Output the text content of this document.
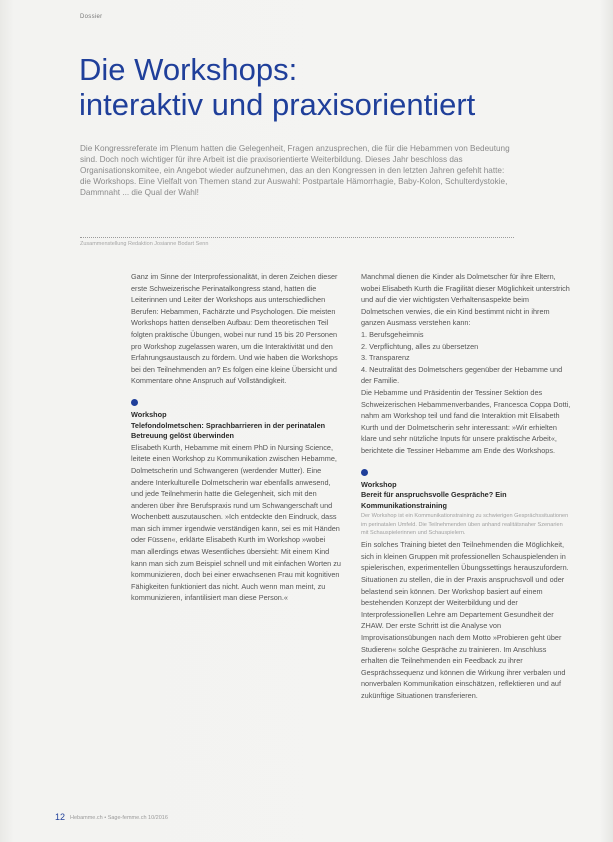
Dossier
Die Workshops:
interaktiv und praxisorientiert
Die Kongressreferate im Plenum hatten die Gelegenheit, Fragen anzusprechen, die für die Hebammen von Bedeutung sind. Doch noch wichtiger für ihre Arbeit ist die praxisorientierte Weiterbildung. Dieses Jahr beschloss das Organisationskomitee, ein Angebot wieder aufzunehmen, das an den Kongressen in den letzten Jahren gefehlt hatte: die Workshops. Eine Vielfalt von Themen stand zur Auswahl: Postpartale Hämorrhagie, Baby-Kolon, Schulterdystokie, Dammnaht ... die Qual der Wahl!
Zusammenstellung Redaktion Josianne Bodart Senn

Ganz im Sinne der Interprofessionalität, in deren Zeichen dieser erste Schweizerische Perinatalkongress stand, hatten die Leiterinnen und Leiter der Workshops aus unterschiedlichen Berufen: Hebammen, Fachärzte und Psychologen. Die meisten Workshops hatten denselben Aufbau: Dem theoretischen Teil folgten praktische Übungen, wobei nur rund 15 bis 20 Personen pro Workshop zugelassen waren, um die Interaktivität und den Erfahrungsaustausch zu fördern. Und wie haben die Workshops bei den Teilnehmenden an? Es folgen eine kleine Übersicht und Kommentare ohne Anspruch auf Vollständigkeit.

Workshop
Telefondolmetschen: Sprachbarrieren in der perinatalen Betreuung gelöst überwinden

Elisabeth Kurth, Hebamme mit einem PhD in Nursing Science, leitete einen Workshop zu Kommunikation zwischen Hebamme, Dolmetscherin und Schwangeren (werdender Mutter). Eine andere Interkulturelle Dolmetscherin war ebenfalls anwesend, und jede Teilnehmerin hatte die Gelegenheit, sich mit den anderen über ihre Berufspraxis rund um Schwangerschaft und Wochenbett auszutauschen. »Ich entdeckte den Eindruck, dass man sich immer irgendwie verständigen kann, sei es mit Händen oder Füssen«, erklärte Elisabeth Kurth im Workshop »wobei man allerdings etwas Wesentliches übersieht: Mit einem Kind kann man sich zum Beispiel schnell und mit einfachen Worten zu kommunizieren, doch bei einer erwachsenen Frau mit kognitiven Fähigkeiten funktioniert das nicht. Auch wenn man meint, zu kommunizieren, infantilisiert man diese Person.«

Manchmal dienen die Kinder als Dolmetscher für ihre Eltern, wobei Elisabeth Kurth die Fragilität dieser Möglichkeit unterstrich und auf die vier wichtigsten Verhaltensaspekte beim Dolmetschen verwies, die ein Kind bestimmt nicht in ihrem ganzen Ausmass verstehen kann:

1. Berufsgeheimnis
2. Verpflichtung, alles zu übersetzen
3. Transparenz
4. Neutralität des Dolmetschers gegenüber der Hebamme und der Familie.

Die Hebamme und Präsidentin der Tessiner Sektion des Schweizerischen Hebammenverbandes, Francesca Coppa Dotti, nahm am Workshop teil und fand die Interaktion mit Elisabeth Kurth und der Dolmetscherin sehr interessant: »Wir erhielten klare und sehr nützliche Inputs für unsere praktische Arbeit«, berichtete die Tessiner Hebamme am Ende des Workshops.

Workshop
Bereit für anspruchsvolle Gespräche? Ein Kommunikationstraining
Der Workshop ist ein Kommunikationstraining zu schwierigen Gesprächssituationen im perinatalen Umfeld. Die Teilnehmenden üben anhand realitätsnaher Szenarien mit Schauspielerinnen und Schauspielern.

Ein solches Training bietet den Teilnehmenden die Möglichkeit, sich in kleinen Gruppen mit professionellen Schauspielenden in spielerischen, experimentellen Übungssettings herauszufordern. Situationen zu stellen, die in der Praxis anspruchsvoll und oder belastend sein können. Der Workshop basiert auf einem bestehenden Konzept der Weiterbildung und der Interprofessionellen Lehre am Departement Gesundheit der ZHAW. Der erste Schritt ist die Analyse von Improvisationsübungen nach dem Motto »Probieren geht über Studieren« solche Gespräche zu trainieren. Im Anschluss erhalten die Teilnehmenden ein Feedback zu ihrer Gesprächssequenz und können die Wirkung ihrer verbalen und nonverbalen Kommunikation einschätzen, reflektieren und auf zukünftige Situationen transferieren.

12 Hebamme.ch • Sage-femme.ch 10/2016
